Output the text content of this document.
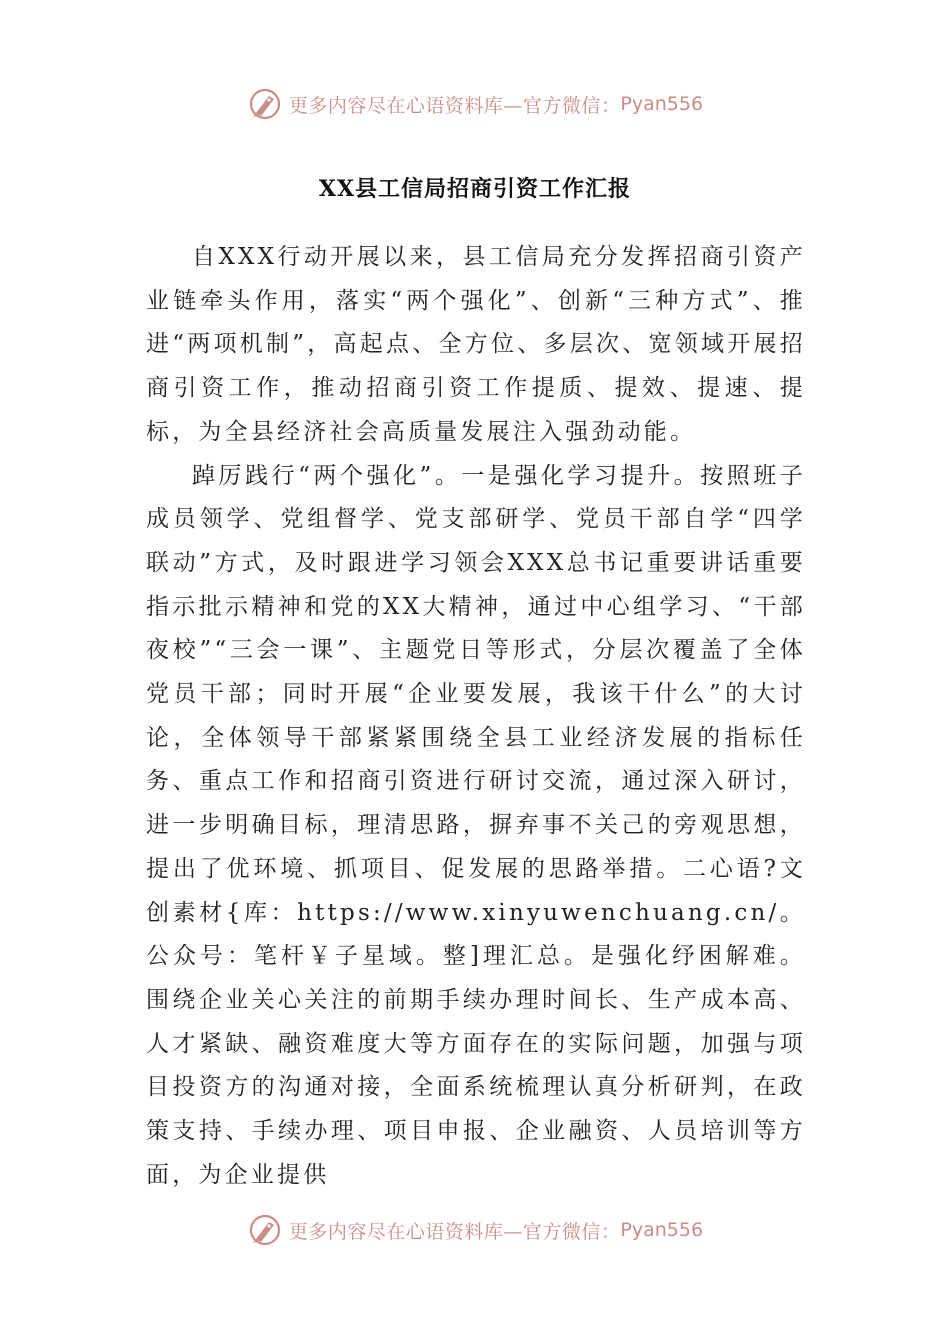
更多内容尽在心语资料库—官方微信： Pyan556
XX县工信局招商引资工作汇报

自XXX行动开展以来，县工信局充分发挥招商引资产业链牵头作用，落实“两个强化”、创新“三种方式”、推进“两项机制”，高起点、全方位、多层次、宽领域开展招商引资工作，推动招商引资工作提质、提效、提速、提标，为全县经济社会高质量发展注入强劲动能。

踔厉践行“两个强化”。一是强化学习提升。按照班子成员领学、党组督学、党支部研学、党员干部自学“四学联动”方式，及时跟进学习领会XXX总书记重要讲话重要指示批示精神和党的XX大精神，通过中心组学习、“干部夜校”“三会一课”、主题党日等形式，分层次覆盖了全体党员干部；同时开展“企业要发展，我该干什么”的大讨论，全体领导干部紧紧围绕全县工业经济发展的指标任务、重点工作和招商引资进行研讨交流，通过深入研讨，进一步明确目标，理清思路，摒弃事不关己的旁观思想，提出了优环境、抓项目、促发展的思路举措。二心语?文创素材{库：https://www.xinyuwenchuang.cn/。公众号：笔杆￥子星域。整]理汇总。是强化纾困解难。围绕企业关心关注的前期手续办理时间长、生产成本高、人才紧缺、融资难度大等方面存在的实际问题，加强与项目投资方的沟通对接，全面系统梳理认真分析研判，在政策支持、手续办理、项目申报、企业融资、人员培训等方面，为企业提供

更多内容尽在心语资料库—官方微信： Pyan556
